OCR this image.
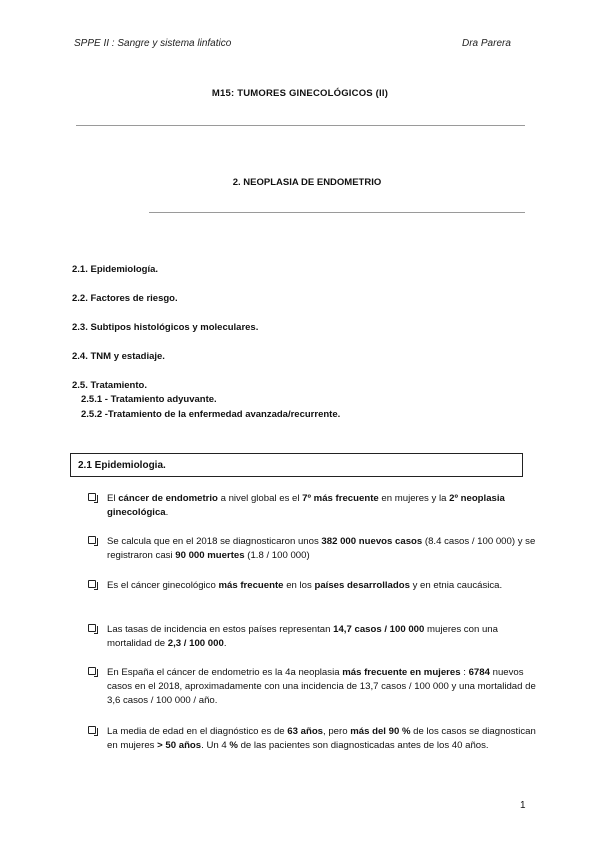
SPPE II : Sangre y sistema linfatico	Dra Parera
M15: TUMORES GINECOLÓGICOS (II)
2. NEOPLASIA DE ENDOMETRIO
2.1. Epidemiología.
2.2. Factores de riesgo.
2.3. Subtipos histológicos y moleculares.
2.4. TNM y estadiaje.
2.5. Tratamiento.
2.5.1 - Tratamiento adyuvante.
2.5.2 -Tratamiento de la enfermedad avanzada/recurrente.
2.1 Epidemiologia.
El cáncer de endometrio a nivel global es el 7º más frecuente en mujeres y la 2º neoplasia ginecológica.
Se calcula que en el 2018 se diagnosticaron unos 382 000 nuevos casos (8.4 casos / 100 000) y se registraron casi 90 000 muertes (1.8 / 100 000)
Es el cáncer ginecológico más frecuente en los países desarrollados y en etnia caucásica.
Las tasas de incidencia en estos países representan 14,7 casos / 100 000 mujeres con una mortalidad de 2,3 / 100 000.
En España el cáncer de endometrio es la 4a neoplasia más frecuente en mujeres : 6784 nuevos casos en el 2018, aproximadamente con una incidencia de 13,7 casos / 100 000 y una mortalidad de 3,6 casos / 100 000 / año.
La media de edad en el diagnóstico es de 63 años, pero más del 90 % de los casos se diagnostican en mujeres > 50 años. Un 4 % de las pacientes son diagnosticadas antes de los 40 años.
1
